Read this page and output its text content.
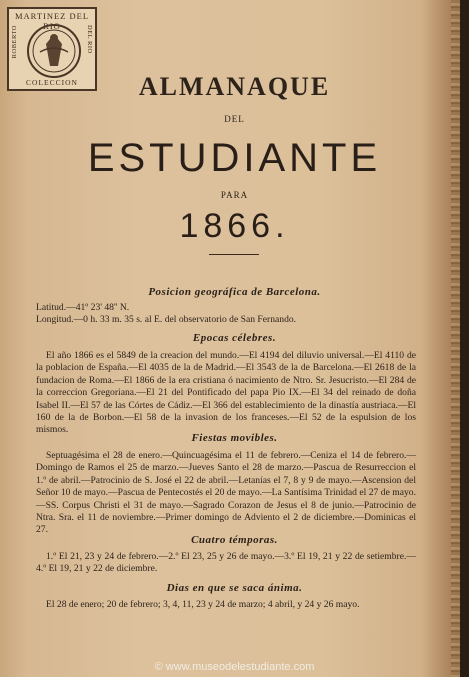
MARTINEZ DEL RIO
ROBERTO	DEL RIO
COLECCION	ALMANAQUE
DEL
ESTUDIANTE
PARA
1866.
Posicion geográfica de Barcelona.
Latitud.—41º 23' 48'' N.
Longitud.—0 h. 33 m. 35 s. al E. del observatorio de San Fernando.
Epocas célebres.
El año 1866 es el 5849 de la creacion del mundo.—El 4194 del diluvio universal.—El 4110 de la poblacion de España.—El 4035 de la de Madrid.—El 3543 de la de Barcelona.—El 2618 de la fundacion de Roma.—El 1866 de la era cristiana ó nacimiento de Ntro. Sr. Jesucristo.—El 284 de la correccion Gregoriana.—El 21 del Pontificado del papa Pio IX.—El 34 del reinado de doña Isabel II.—El 57 de las Córtes de Cádiz.—El 366 del establecimiento de la dinastía austriaca.—El 160 de la de Borbon.—El 58 de la invasion de los franceses.—El 52 de la espulsion de los mismos.
Fiestas movibles.
Septuagésima el 28 de enero.—Quincuagésima el 11 de febrero.—Ceniza el 14 de febrero.—Domingo de Ramos el 25 de marzo.—Jueves Santo el 28 de marzo.—Pascua de Resurreccion el 1.º de abril.—Patrocinio de S. José el 22 de abril.—Letanías el 7, 8 y 9 de mayo.—Ascension del Señor 10 de mayo.—Pascua de Pentecostés el 20 de mayo.—La Santísima Trinidad el 27 de mayo.—SS. Corpus Christi el 31 de mayo.—Sagrado Corazon de Jesus el 8 de junio.—Patrocinio de Ntra. Sra. el 11 de noviembre.—Primer domingo de Adviento el 2 de diciembre.—Dominicas el 27.
Cuatro témporas.
1.º El 21, 23 y 24 de febrero.—2.º El 23, 25 y 26 de mayo.—3.º El 19, 21 y 22 de setiembre.—4.º El 19, 21 y 22 de diciembre.
Dias en que se saca ánima.
El 28 de enero; 20 de febrero; 3, 4, 11, 23 y 24 de marzo; 4 abril, y 24 y 26 mayo.
© www.museodelestudiante.com
